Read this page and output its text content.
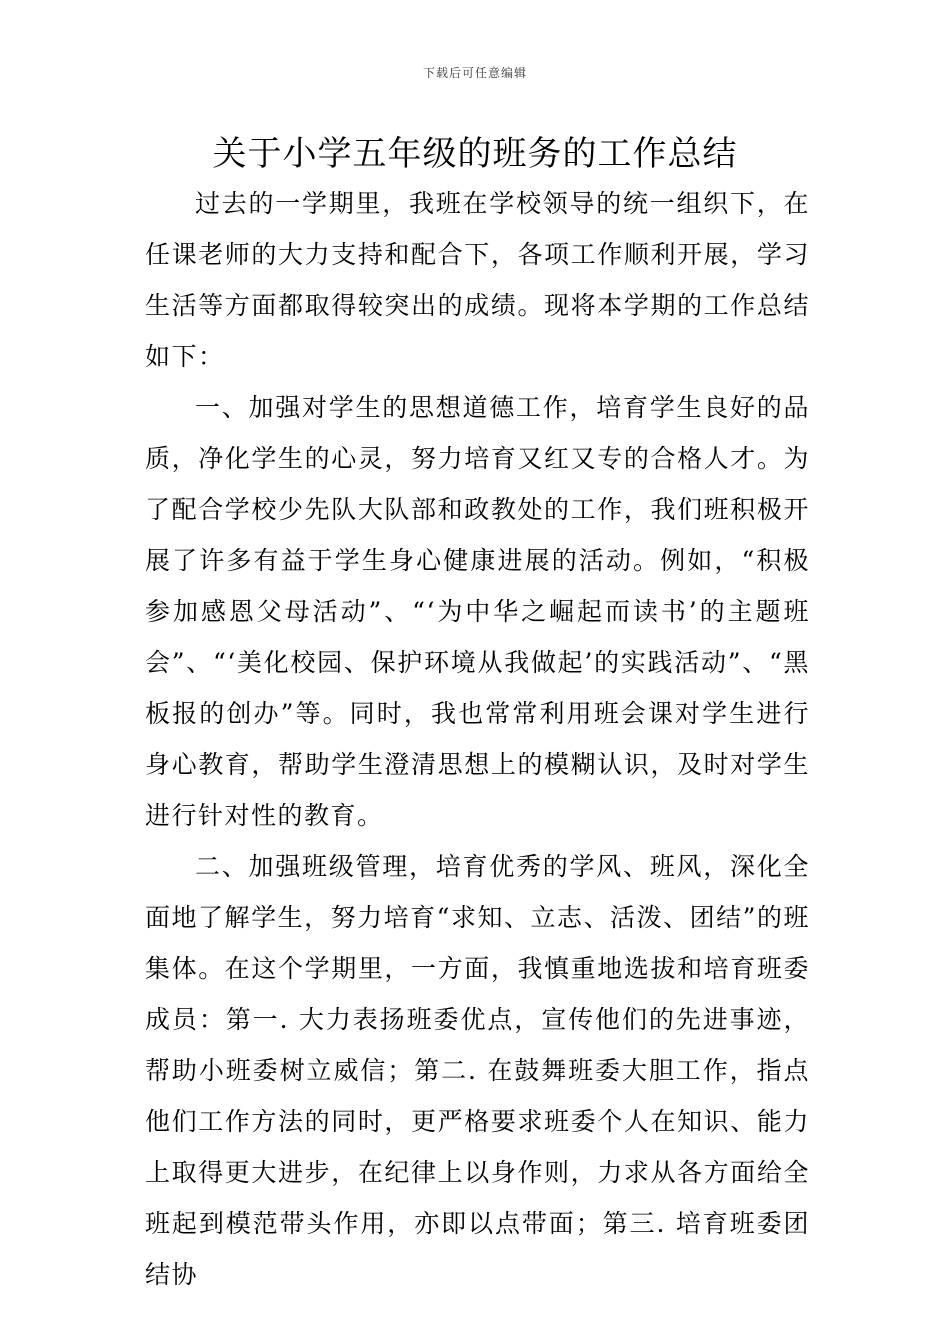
下载后可任意编辑
关于小学五年级的班务的工作总结

过去的一学期里，我班在学校领导的统一组织下，在任课老师的大力支持和配合下，各项工作顺利开展，学习生活等方面都取得较突出的成绩。现将本学期的工作总结如下：

一、加强对学生的思想道德工作，培育学生良好的品质，净化学生的心灵，努力培育又红又专的合格人才。为了配合学校少先队大队部和政教处的工作，我们班积极开展了许多有益于学生身心健康进展的活动。例如，“积极参加感恩父母活动”、“‘为中华之崛起而读书’的主题班会”、“‘美化校园、保护环境从我做起’的实践活动”、“黑板报的创办”等。同时，我也常常利用班会课对学生进行身心教育，帮助学生澄清思想上的模糊认识，及时对学生进行针对性的教育。

二、加强班级管理，培育优秀的学风、班风，深化全面地了解学生，努力培育“求知、立志、活泼、团结”的班集体。在这个学期里，一方面，我慎重地选拔和培育班委成员：第一. 大力表扬班委优点，宣传他们的先进事迹，帮助小班委树立威信；第二. 在鼓舞班委大胆工作，指点他们工作方法的同时，更严格要求班委个人在知识、能力上取得更大进步，在纪律上以身作则，力求从各方面给全班起到模范带头作用，亦即以点带面；第三. 培育班委团结协
